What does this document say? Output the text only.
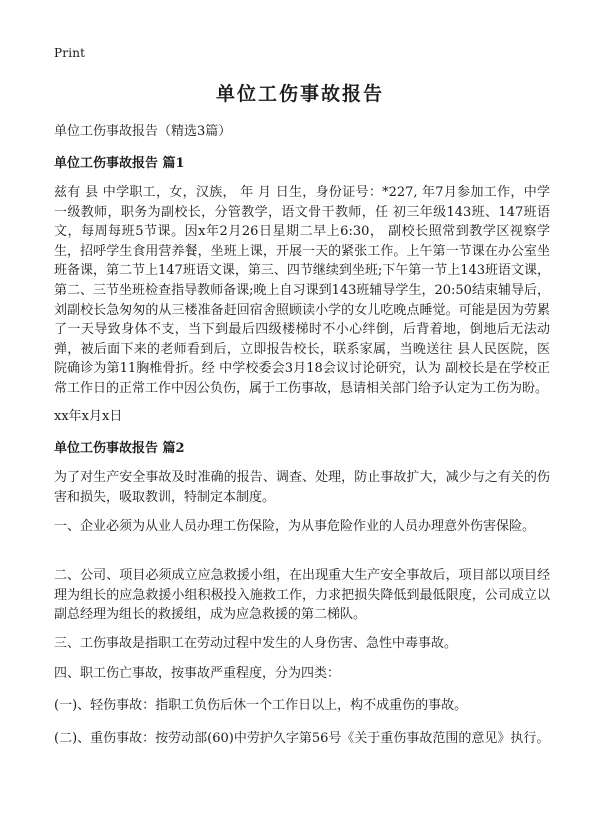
Print
单位工伤事故报告
单位工伤事故报告（精选3篇）
单位工伤事故报告 篇1

兹有 县 中学职工，女，汉族， 年 月 日生，身份证号：*227, 年7月参加工作，中学一级教师，职务为副校长，分管教学，语文骨干教师，任 初三年级143班、147班语文，每周每班5节课。因x年2月26日星期二早上6:30， 副校长照常到教学区视察学生，招呼学生食用营养餐，坐班上课，开展一天的紧张工作。上午第一节课在办公室坐班备课，第二节上147班语文课，第三、四节继续到坐班;下午第一节上143班语文课，第二、三节坐班检查指导教师备课;晚上自习课到143班辅导学生，20:50结束辅导后，刘副校长急匆匆的从三楼准备赶回宿舍照顾读小学的女儿吃晚点睡觉。可能是因为劳累了一天导致身体不支，当下到最后四级楼梯时不小心绊倒，后背着地，倒地后无法动弹，被后面下来的老师看到后，立即报告校长，联系家属，当晚送往 县人民医院，医院确诊为第11胸椎骨折。经 中学校委会3月18会议讨论研究，认为 副校长是在学校正常工作日的正常工作中因公负伤，属于工伤事故，恳请相关部门给予认定为工伤为盼。

xx年x月x日
单位工伤事故报告 篇2

为了对生产安全事故及时准确的报告、调查、处理，防止事故扩大，减少与之有关的伤害和损失，吸取教训，特制定本制度。

一、企业必须为从业人员办理工伤保险，为从事危险作业的人员办理意外伤害保险。

二、公司、项目必须成立应急救援小组，在出现重大生产安全事故后，项目部以项目经理为组长的应急救援小组积极投入施救工作，力求把损失降低到最低限度，公司成立以副总经理为组长的救援组，成为应急救援的第二梯队。

三、工伤事故是指职工在劳动过程中发生的人身伤害、急性中毒事故。

四、职工伤亡事故，按事故严重程度，分为四类：

(一)、轻伤事故：指职工负伤后休一个工作日以上，构不成重伤的事故。

(二)、重伤事故：按劳动部(60)中劳护久字第56号《关于重伤事故范围的意见》执行。
